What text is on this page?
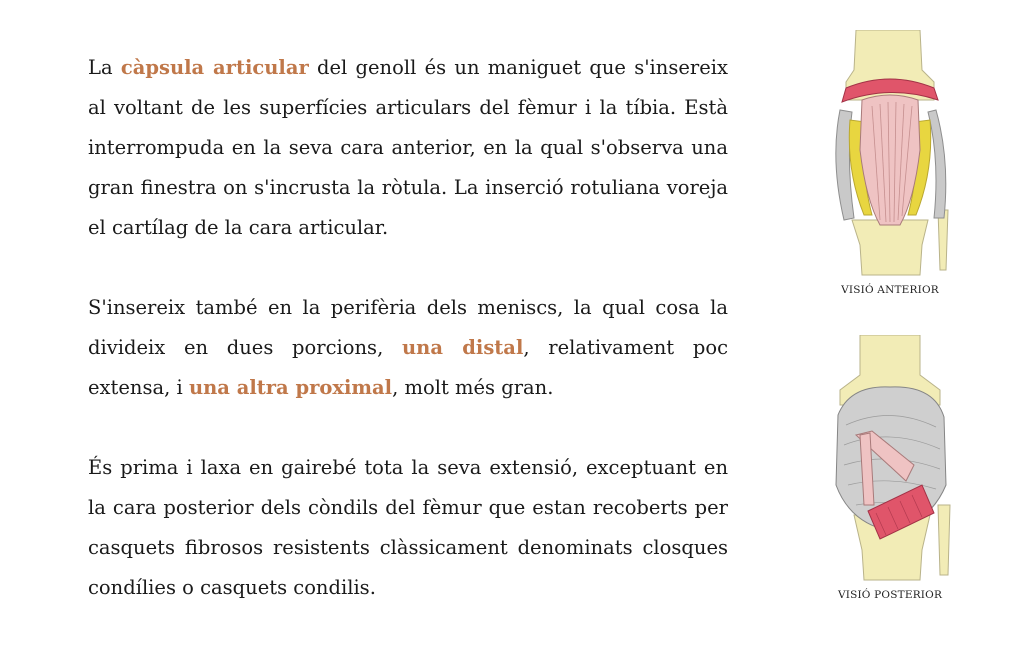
La càpsula articular del genoll és un maniguet que s'insereix al voltant de les superfícies articulars del fèmur i la tíbia. Està interrompuda en la seva cara anterior, en la qual s'observa una gran finestra on s'incrusta la ròtula. La inserció rotuliana voreja el cartílag de la cara articular.

S'insereix també en la perifèria dels meniscs, la qual cosa la divideix en dues porcions, una distal, relativament poc extensa, i una altra proximal, molt més gran.

És prima i laxa en gairebé tota la seva extensió, exceptuant en la cara posterior dels còndils del fèmur que estan recoberts per casquets fibrosos resistents clàssicament denominats closques condílies o casquets condilis.

VISIÓ ANTERIOR
VISIÓ POSTERIOR
